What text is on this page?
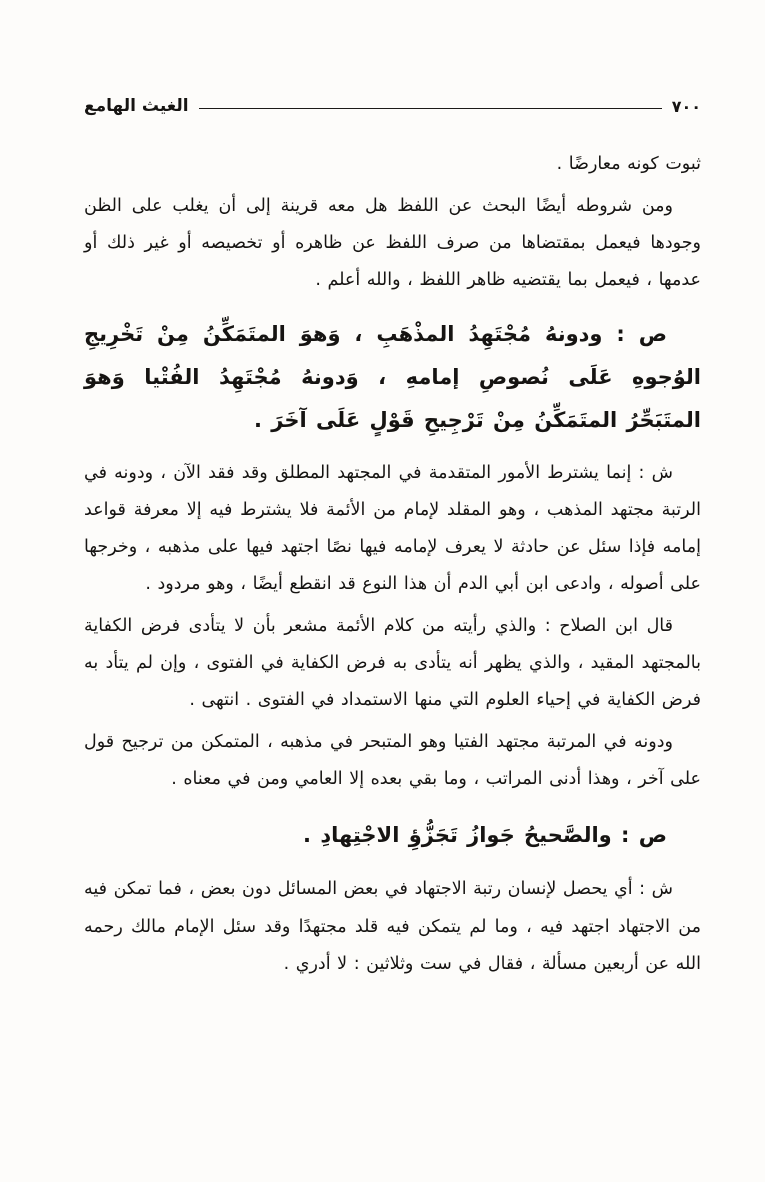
الغيث الهامع	٧٠٠

ثبوت كونه معارضًا .

ومن شروطه أيضًا البحث عن اللفظ هل معه قرينة إلى أن يغلب على الظن وجودها فيعمل بمقتضاها من صرف اللفظ عن ظاهره أو تخصيصه أو غير ذلك أو عدمها ، فيعمل بما يقتضيه ظاهر اللفظ ، والله أعلم .

ص : ودونهُ مُجْتَهِدُ المذْهَبِ ، وَهوَ المتَمَكِّنُ مِنْ تَخْرِيجِ الوُجوهِ عَلَى نُصوصِ إمامهِ ، وَدونهُ مُجْتَهِدُ الفُتْيا وَهوَ المتَبَحِّرُ المتَمَكِّنُ مِنْ تَرْجِيحِ قَوْلٍ عَلَى آخَرَ .

ش : إنما يشترط الأمور المتقدمة في المجتهد المطلق وقد فقد الآن ، ودونه في الرتبة مجتهد المذهب ، وهو المقلد لإمام من الأئمة فلا يشترط فيه إلا معرفة قواعد إمامه فإذا سئل عن حادثة لا يعرف لإمامه فيها نصًا اجتهد فيها على مذهبه ، وخرجها على أصوله ، وادعى ابن أبي الدم أن هذا النوع قد انقطع أيضًا ، وهو مردود .

قال ابن الصلاح : والذي رأيته من كلام الأئمة مشعر بأن لا يتأدى فرض الكفاية بالمجتهد المقيد ، والذي يظهر أنه يتأدى به فرض الكفاية في الفتوى ، وإن لم يتأد به فرض الكفاية في إحياء العلوم التي منها الاستمداد في الفتوى . انتهى .

ودونه في المرتبة مجتهد الفتيا وهو المتبحر في مذهبه ، المتمكن من ترجيح قول على آخر ، وهذا أدنى المراتب ، وما بقي بعده إلا العامي ومن في معناه .

ص : والصَّحيحُ جَوازُ تَجَزُّؤِ الاجْتِهادِ .

ش : أي يحصل لإنسان رتبة الاجتهاد في بعض المسائل دون بعض ، فما تمكن فيه من الاجتهاد اجتهد فيه ، وما لم يتمكن فيه قلد مجتهدًا وقد سئل الإمام مالك رحمه الله عن أربعين مسألة ، فقال في ست وثلاثين : لا أدري .
